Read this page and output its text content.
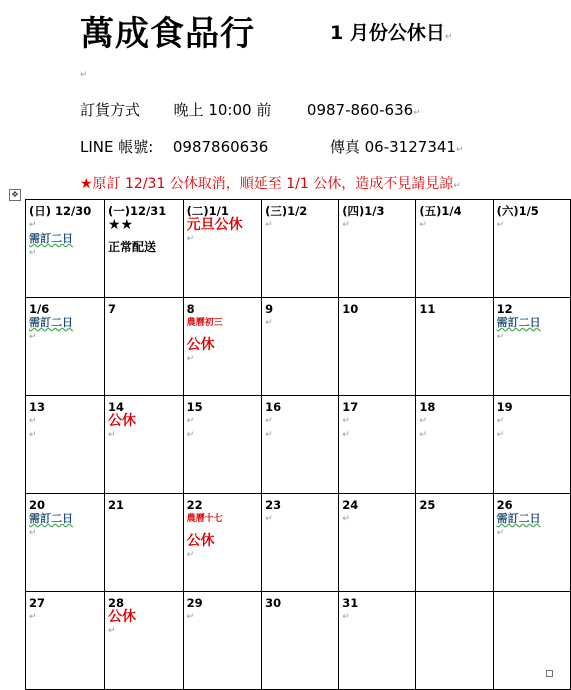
萬成食品行	1 月份公休日↵
↵
訂貨方式 晚上 10:00 前 0987-860-636↵
LINE 帳號: 0987860636	傳真 06-3127341↵
★原訂 12/31 公休取消，順延至 1/1 公休，造成不見請見諒↵
✥
(日) 12/30
↵
需訂二日
↵	(一)12/31
★★
正常配送	(二)1/1
元旦公休
↵	(三)1/2
↵	(四)1/3
↵	(五)1/4
↵	(六)1/5
↵

1/6
需訂二日
↵	7	8
農曆初三
公休
↵	9
↵	10	11	12
需訂二日
↵

13
↵
↵	14
公休
↵	15
↵
↵	16
↵
↵	17
↵
↵	18
↵
↵	19
↵
↵

20
需訂二日
↵	21	22
農曆十七
公休
↵	23
↵	24
↵	25	26
需訂二日
↵

27
↵	28
公休
↵	29
↵	30	31
↵		
